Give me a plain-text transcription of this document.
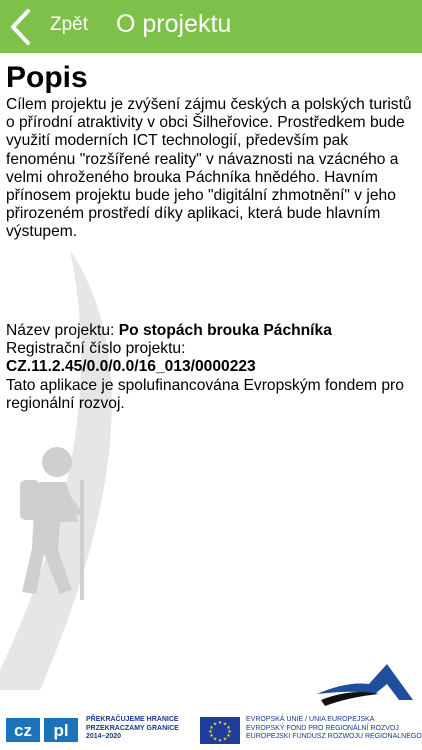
Zpět O projektu
Popis

Cílem projektu je zvýšení zájmu českých a polských turistů o přírodní atraktivity v obci Šilheřovice. Prostředkem bude využití moderních ICT technologií, především pak fenoménu "rozšířené reality" v návaznosti na vzácného a velmi ohroženého brouka Páchníka hnědého. Havním přínosem projektu bude jeho "digitální zhmotnění" v jeho přirozeném prostředí díky aplikaci, která bude hlavním výstupem.

Název projektu: Po stopách brouka Páchníka
Registrační číslo projektu:
CZ.11.2.45/0.0/0.0/16_013/0000223
Tato aplikace je spolufinancována Evropským fondem pro regionální rozvoj.
cz pl
PŘEKRAČUJEME HRANICE
PRZEKRACZAMY GRANICE
2014–2020
★ ★
★
★
★
★
★
★
★
★
★
★
EVROPSKÁ UNIE / UNIA EUROPEJSKA
EVROPSKÝ FOND PRO REGIONÁLNÍ ROZVOJ
EUROPEJSKI FUNDUSZ ROZWOJU REGIONALNEGO
